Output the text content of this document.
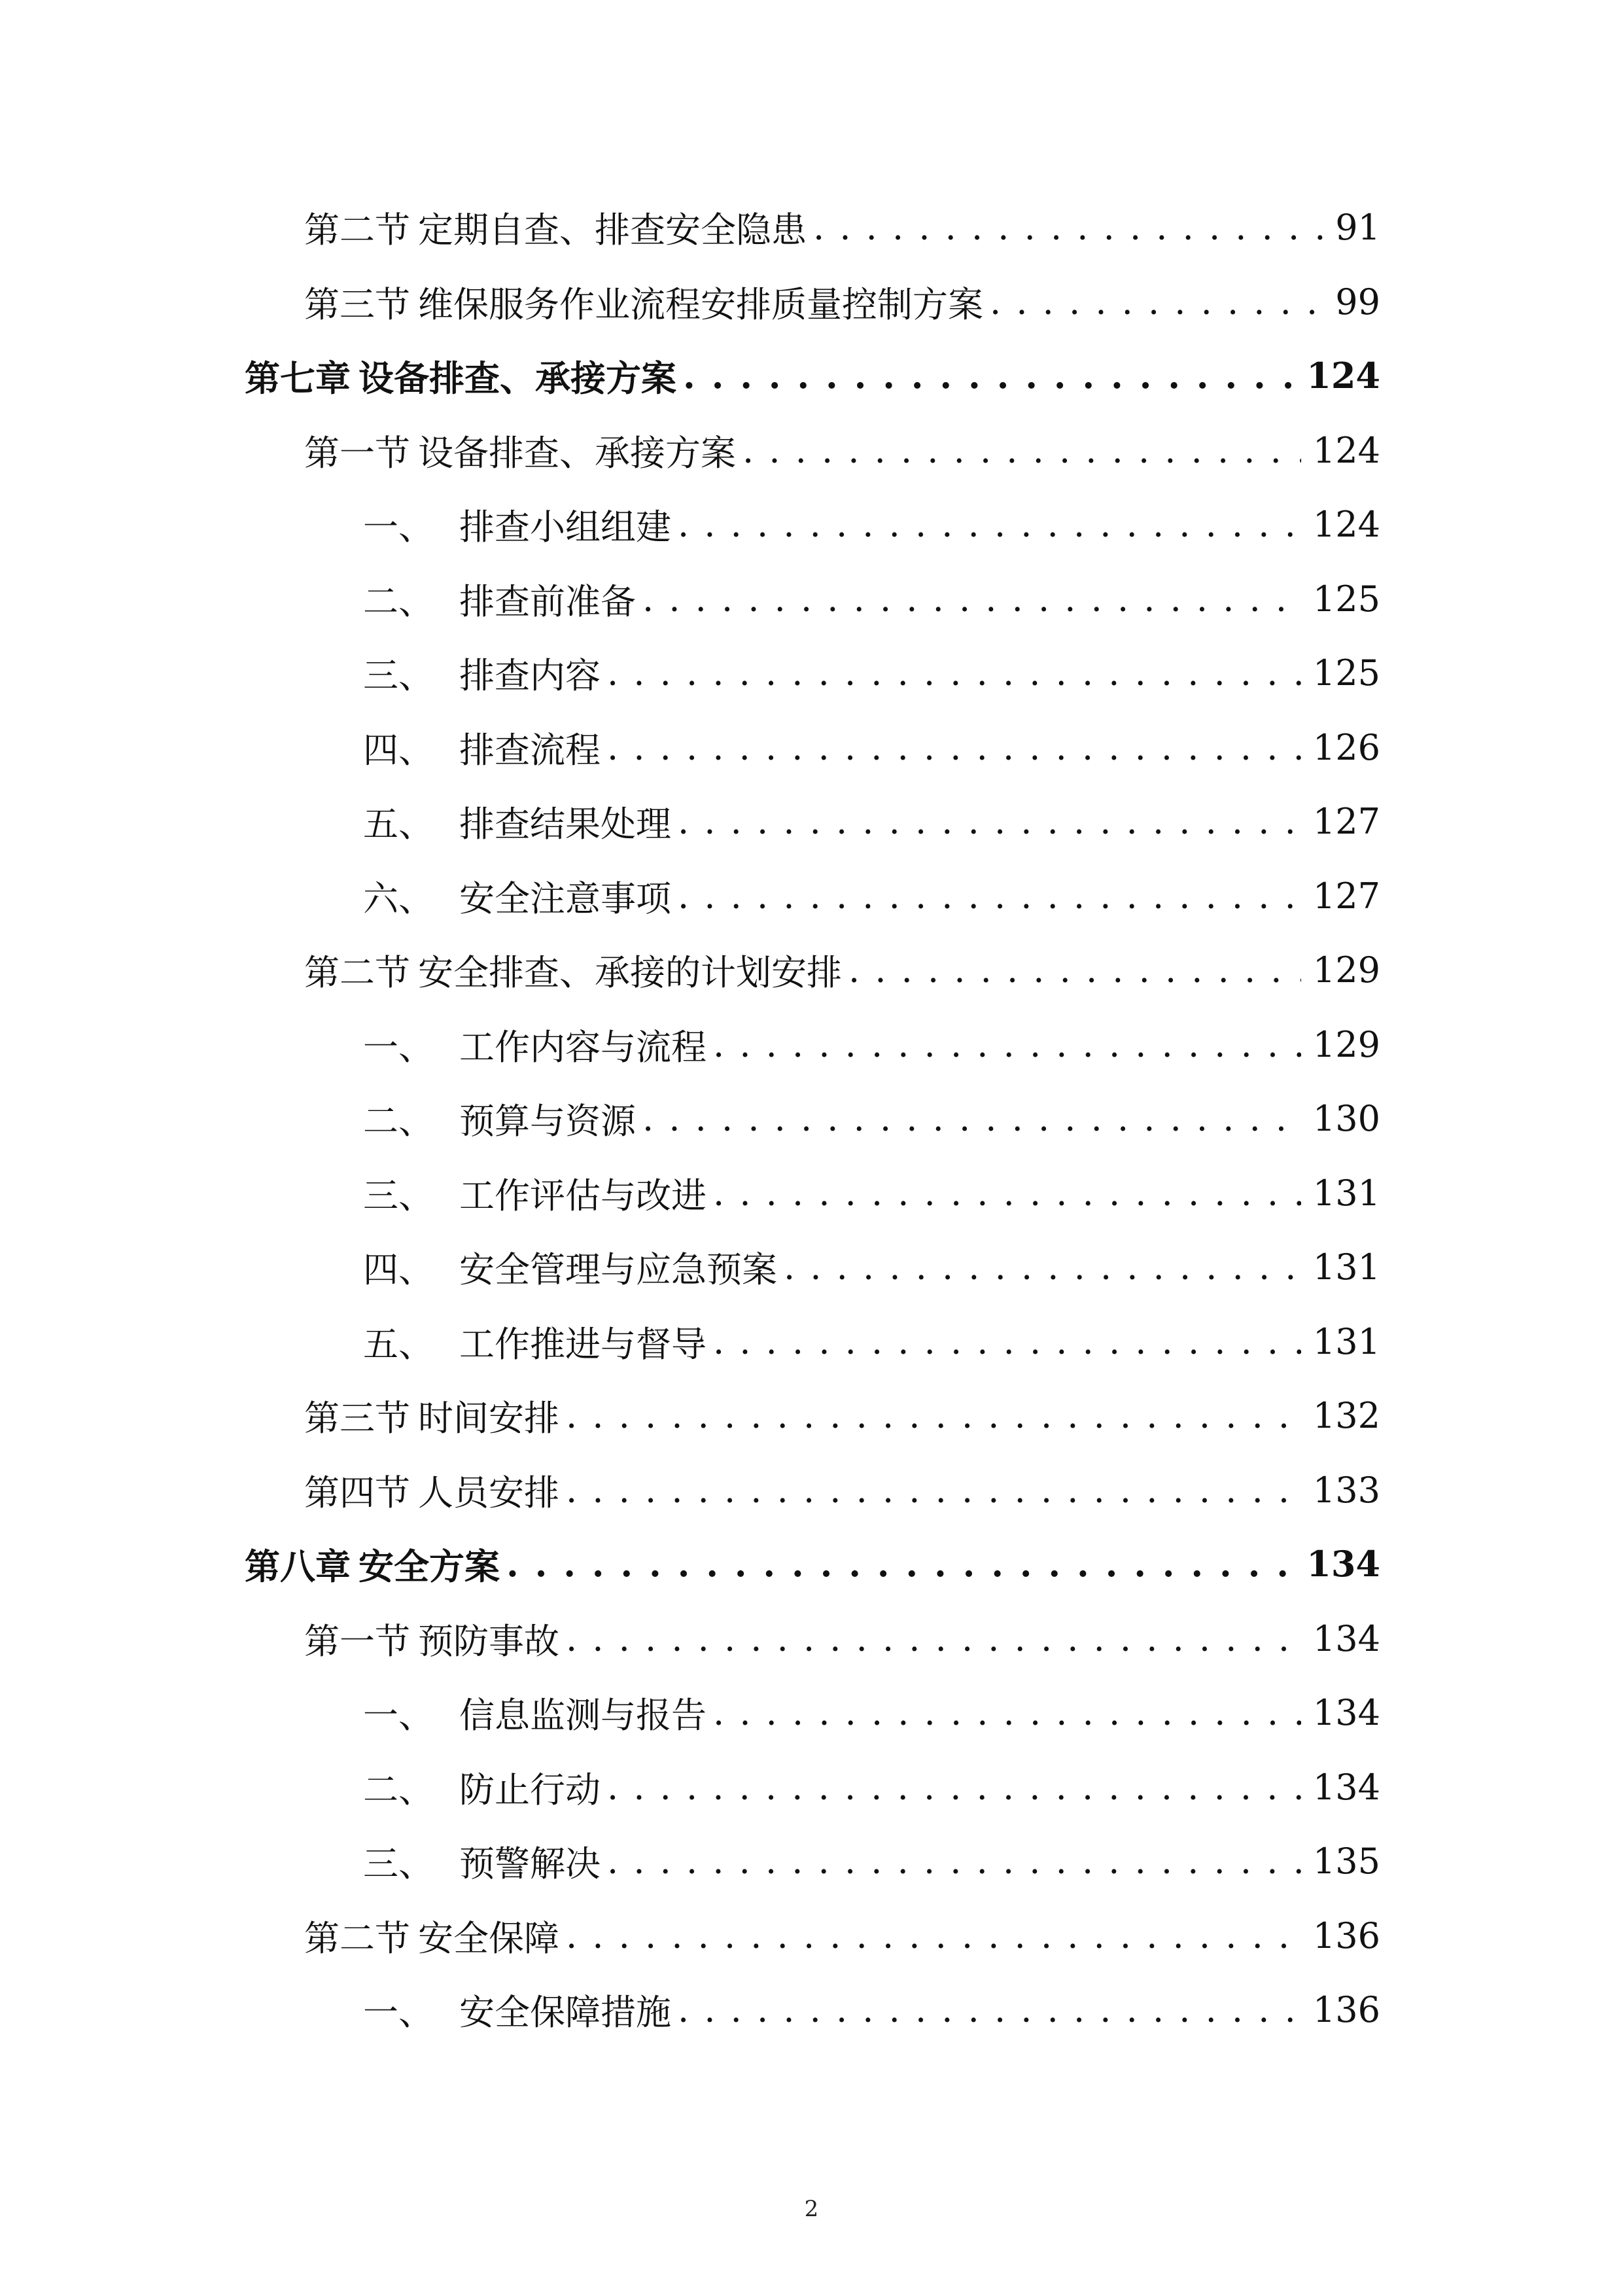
第二节 定期自查、排查安全隐患 . . .	91
第三节 维保服务作业流程安排质量控制方案 . . .	99
第七章 设备排查、承接方案 . . .	124
第一节 设备排查、承接方案 . . .	124
一、 排查小组组建 . . .	124
二、 排查前准备 . . .	125
三、 排查内容 . . .	125
四、 排查流程 . . .	126
五、 排查结果处理 . . .	127
六、 安全注意事项 . . .	127
第二节 安全排查、承接的计划安排 . . .	129
一、 工作内容与流程 . . .	129
二、 预算与资源 . . .	130
三、 工作评估与改进 . . .	131
四、 安全管理与应急预案 . . .	131
五、 工作推进与督导 . . .	131
第三节 时间安排 . . .	132
第四节 人员安排 . . .	133
第八章 安全方案 . . .	134
第一节 预防事故 . . .	134
一、 信息监测与报告 . . .	134
二、 防止行动 . . .	134
三、 预警解决 . . .	135
第二节 安全保障 . . .	136
一、 安全保障措施 . . .	136
2
